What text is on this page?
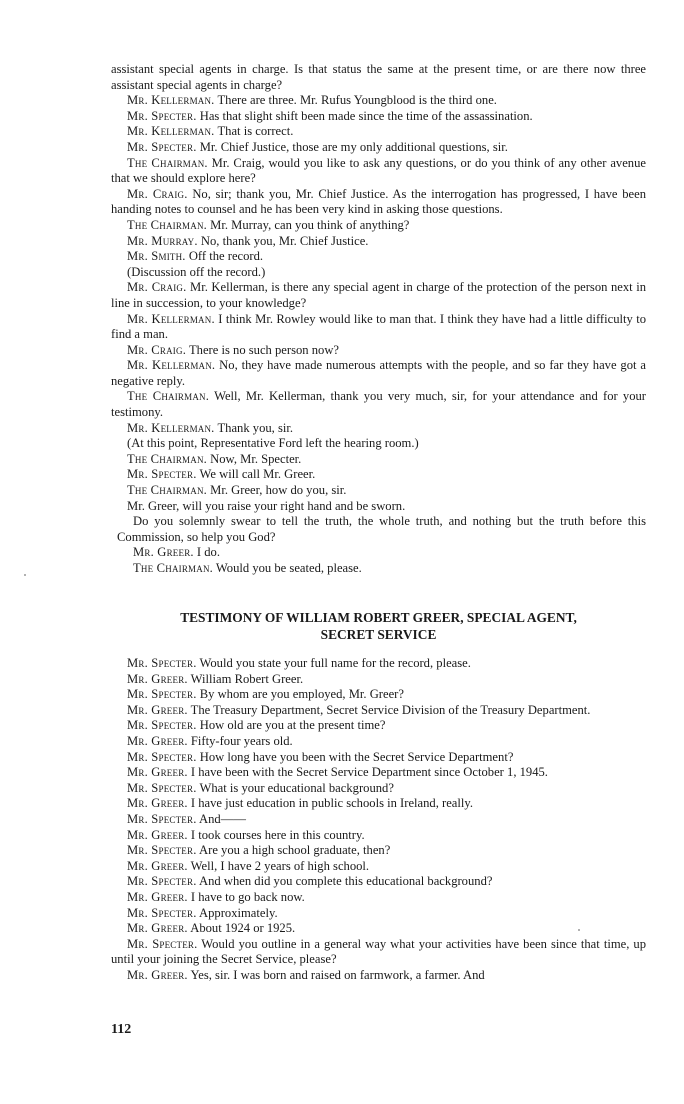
assistant special agents in charge. Is that status the same at the present time, or are there now three assistant special agents in charge?

Mr. Kellerman. There are three. Mr. Rufus Youngblood is the third one.

Mr. Specter. Has that slight shift been made since the time of the assassination.

Mr. Kellerman. That is correct.

Mr. Specter. Mr. Chief Justice, those are my only additional questions, sir.

The Chairman. Mr. Craig, would you like to ask any questions, or do you think of any other avenue that we should explore here?

Mr. Craig. No, sir; thank you, Mr. Chief Justice. As the interrogation has progressed, I have been handing notes to counsel and he has been very kind in asking those questions.

The Chairman. Mr. Murray, can you think of anything?

Mr. Murray. No, thank you, Mr. Chief Justice.

Mr. Smith. Off the record.

(Discussion off the record.)

Mr. Craig. Mr. Kellerman, is there any special agent in charge of the protection of the person next in line in succession, to your knowledge?

Mr. Kellerman. I think Mr. Rowley would like to man that. I think they have had a little difficulty to find a man.

Mr. Craig. There is no such person now?

Mr. Kellerman. No, they have made numerous attempts with the people, and so far they have got a negative reply.

The Chairman. Well, Mr. Kellerman, thank you very much, sir, for your attendance and for your testimony.

Mr. Kellerman. Thank you, sir.

(At this point, Representative Ford left the hearing room.)

The Chairman. Now, Mr. Specter.

Mr. Specter. We will call Mr. Greer.

The Chairman. Mr. Greer, how do you, sir.

Mr. Greer, will you raise your right hand and be sworn.

Do you solemnly swear to tell the truth, the whole truth, and nothing but the truth before this Commission, so help you God?

Mr. Greer. I do.

The Chairman. Would you be seated, please.

TESTIMONY OF WILLIAM ROBERT GREER, SPECIAL AGENT,
SECRET SERVICE

Mr. Specter. Would you state your full name for the record, please.

Mr. Greer. William Robert Greer.

Mr. Specter. By whom are you employed, Mr. Greer?

Mr. Greer. The Treasury Department, Secret Service Division of the Treasury Department.

Mr. Specter. How old are you at the present time?

Mr. Greer. Fifty-four years old.

Mr. Specter. How long have you been with the Secret Service Department?

Mr. Greer. I have been with the Secret Service Department since October 1, 1945.

Mr. Specter. What is your educational background?

Mr. Greer. I have just education in public schools in Ireland, really.

Mr. Specter. And——

Mr. Greer. I took courses here in this country.

Mr. Specter. Are you a high school graduate, then?

Mr. Greer. Well, I have 2 years of high school.

Mr. Specter. And when did you complete this educational background?

Mr. Greer. I have to go back now.

Mr. Specter. Approximately.

Mr. Greer. About 1924 or 1925.

Mr. Specter. Would you outline in a general way what your activities have been since that time, up until your joining the Secret Service, please?

Mr. Greer. Yes, sir. I was born and raised on farmwork, a farmer. And

112
